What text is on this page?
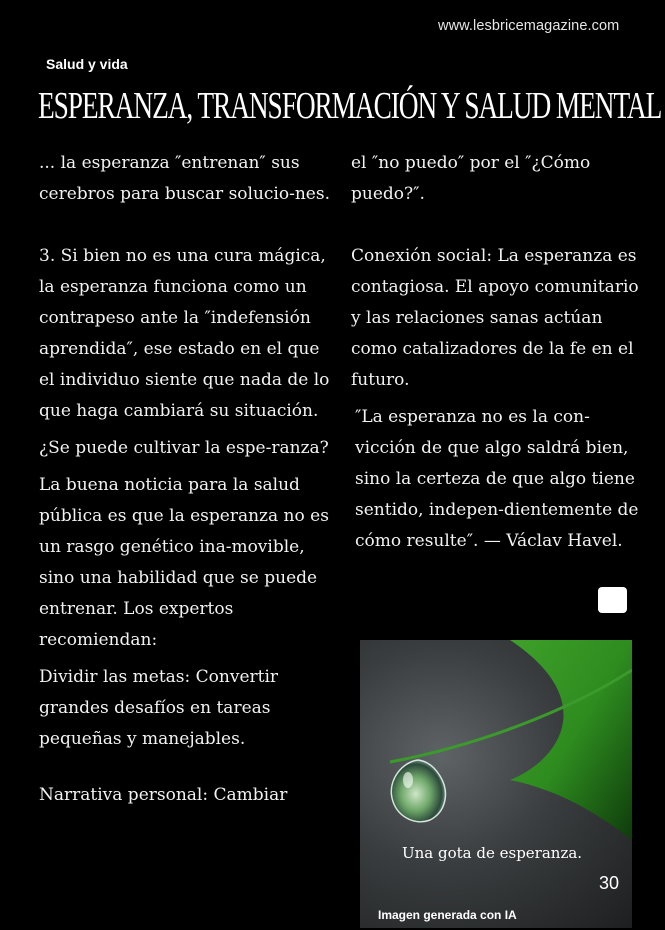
www.lesbricemagazine.com
Salud y vida
ESPERANZA, TRANSFORMACIÓN Y SALUD MENTAL

... la esperanza ″entrenan″ sus cerebros para buscar solucio‐nes.

3. Si bien no es una cura mágica, la esperanza funciona como un contrapeso ante la ″indefensión aprendida″, ese estado en el que el individuo siente que nada de lo que haga cambiará su situación.

¿Se puede cultivar la espe‐ranza?

La buena noticia para la salud pública es que la esperanza no es un rasgo genético ina‐movible, sino una habilidad que se puede entrenar. Los expertos recomiendan:

Dividir las metas: Convertir grandes desafíos en tareas pequeñas y manejables.

Narrativa personal: Cambiar

el ″no puedo″ por el ″¿Cómo puedo?″.

Conexión social: La esperanza es contagiosa. El apoyo comunitario y las relaciones sanas actúan como catalizadores de la fe en el futuro.

″La esperanza no es la con‐vicción de que algo saldrá bien, sino la certeza de que algo tiene sentido, indepen‐dientemente de cómo resulte″. — Václav Havel.

Una gota de esperanza.
Imagen generada con IA
30
